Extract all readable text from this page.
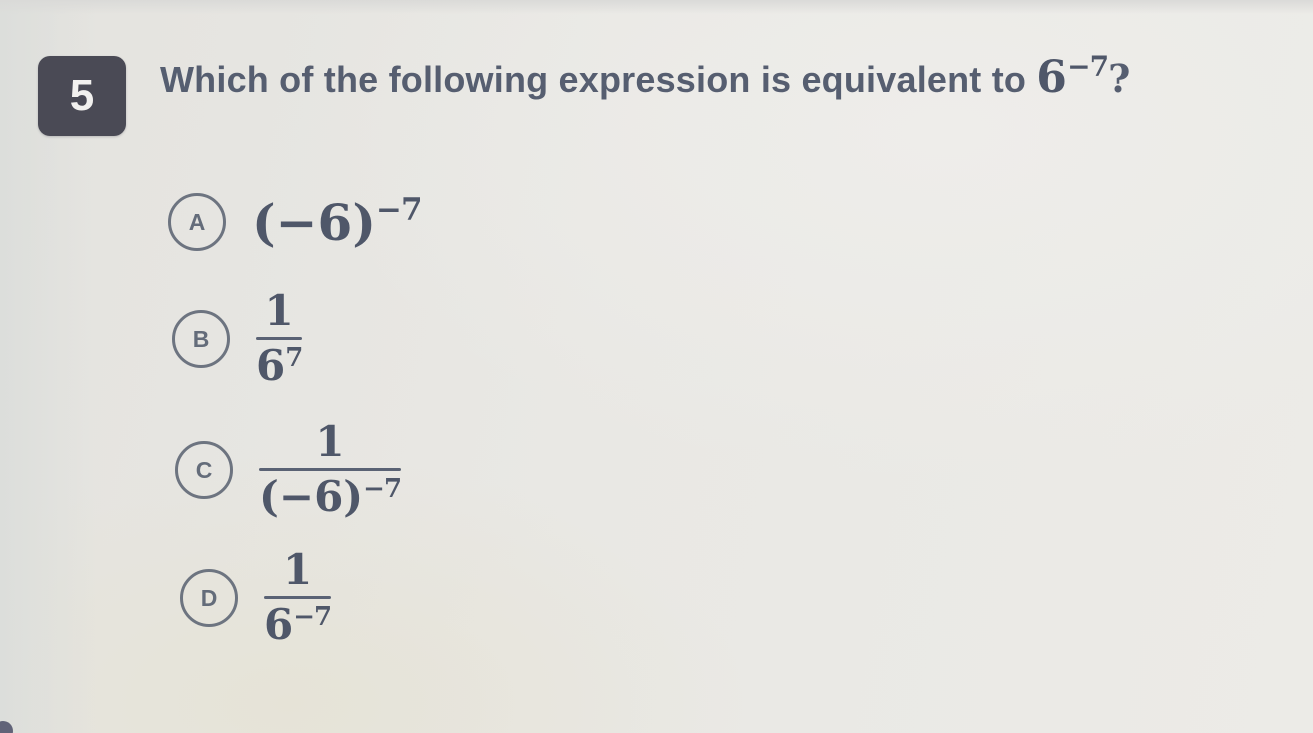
5 Which of the following expression is equivalent to $6^{-7}$?
A $(-6)^{-7}$
B $\frac{1}{6^7}$
C $\frac{1}{(-6)^{-7}}$
D $\frac{1}{6^{-7}}$
